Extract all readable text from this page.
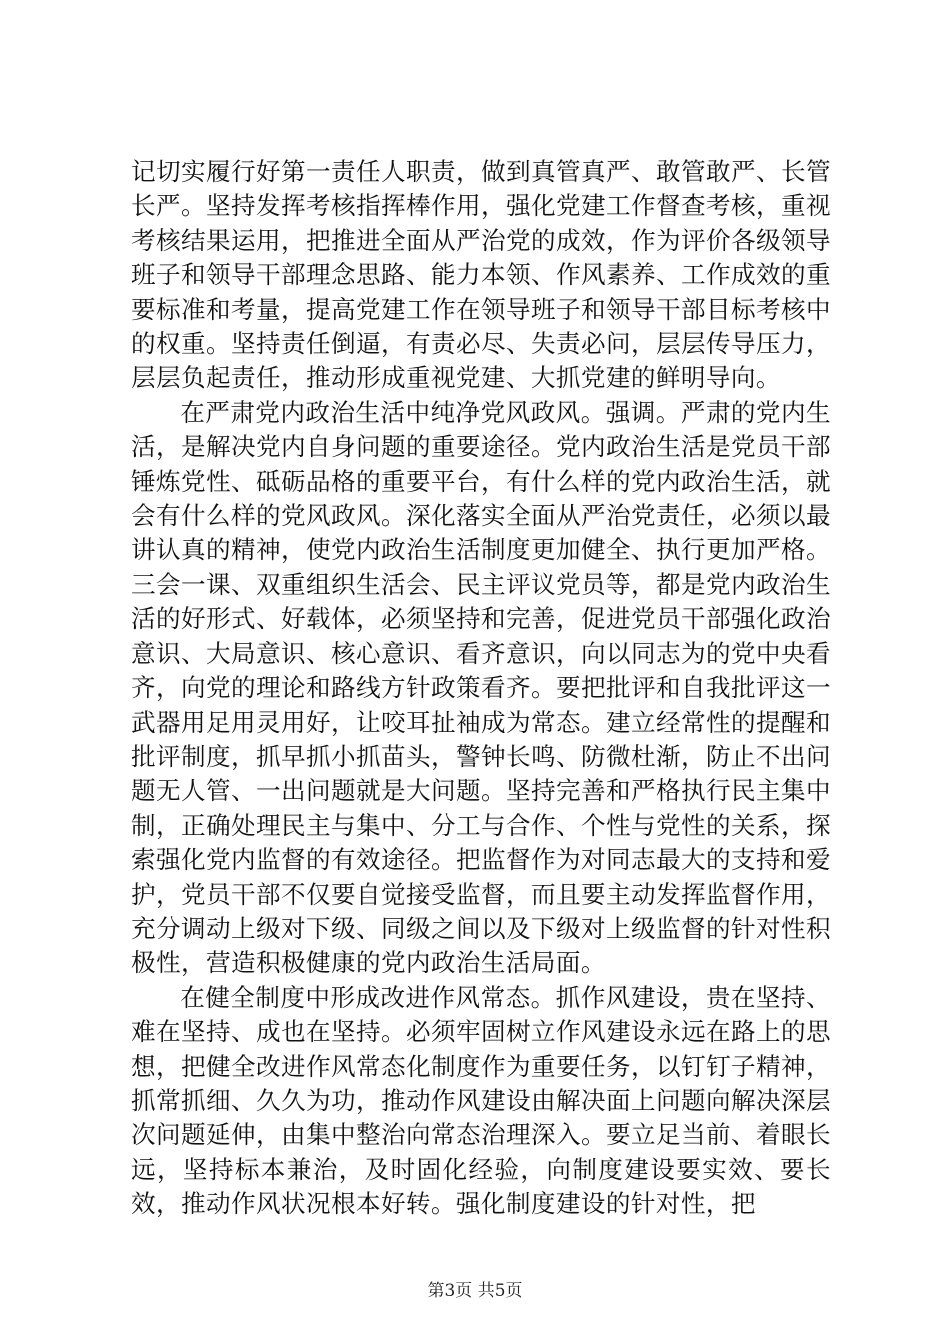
记切实履行好第一责任人职责，做到真管真严、敢管敢严、长管长严。坚持发挥考核指挥棒作用，强化党建工作督查考核，重视考核结果运用，把推进全面从严治党的成效，作为评价各级领导班子和领导干部理念思路、能力本领、作风素养、工作成效的重要标准和考量，提高党建工作在领导班子和领导干部目标考核中的权重。坚持责任倒逼，有责必尽、失责必问，层层传导压力，层层负起责任，推动形成重视党建、大抓党建的鲜明导向。

在严肃党内政治生活中纯净党风政风。强调。严肃的党内生活，是解决党内自身问题的重要途径。党内政治生活是党员干部锤炼党性、砥砺品格的重要平台，有什么样的党内政治生活，就会有什么样的党风政风。深化落实全面从严治党责任，必须以最讲认真的精神，使党内政治生活制度更加健全、执行更加严格。三会一课、双重组织生活会、民主评议党员等，都是党内政治生活的好形式、好载体，必须坚持和完善，促进党员干部强化政治意识、大局意识、核心意识、看齐意识，向以同志为的党中央看齐，向党的理论和路线方针政策看齐。要把批评和自我批评这一武器用足用灵用好，让咬耳扯袖成为常态。建立经常性的提醒和批评制度，抓早抓小抓苗头，警钟长鸣、防微杜渐，防止不出问题无人管、一出问题就是大问题。坚持完善和严格执行民主集中制，正确处理民主与集中、分工与合作、个性与党性的关系，探索强化党内监督的有效途径。把监督作为对同志最大的支持和爱护，党员干部不仅要自觉接受监督，而且要主动发挥监督作用，充分调动上级对下级、同级之间以及下级对上级监督的针对性积极性，营造积极健康的党内政治生活局面。

在健全制度中形成改进作风常态。抓作风建设，贵在坚持、难在坚持、成也在坚持。必须牢固树立作风建设永远在路上的思想，把健全改进作风常态化制度作为重要任务，以钉钉子精神，抓常抓细、久久为功，推动作风建设由解决面上问题向解决深层次问题延伸，由集中整治向常态治理深入。要立足当前、着眼长远，坚持标本兼治，及时固化经验，向制度建设要实效、要长效，推动作风状况根本好转。强化制度建设的针对性，把

第3页 共5页
